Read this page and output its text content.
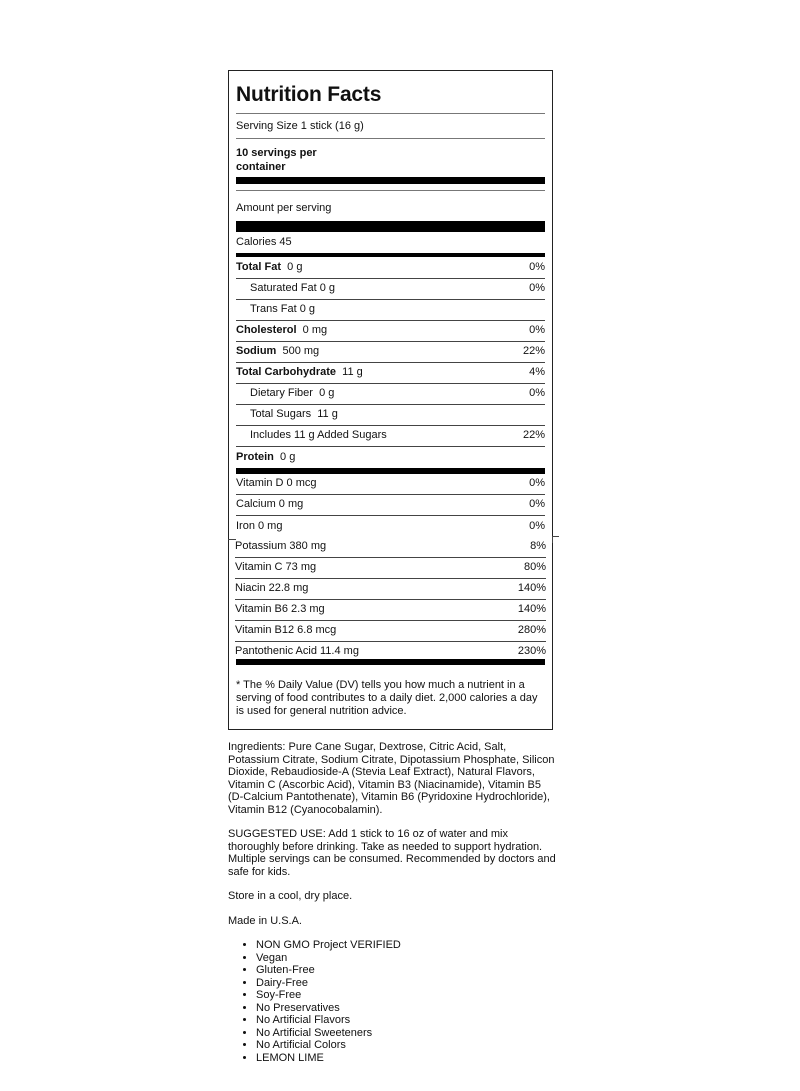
Nutrition Facts
Serving Size 1 stick (16 g)
10 servings per
container
Amount per serving
Calories 45
Total Fat 0 g	0%
Saturated Fat 0 g	0%
Trans Fat 0 g
Cholesterol 0 mg	0%
Sodium 500 mg	22%
Total Carbohydrate 11 g	4%
Dietary Fiber  0 g	0%
Total Sugars  11 g
Includes 11 g Added Sugars	22%
Protein 0 g
Vitamin D 0 mcg	0%
Calcium 0 mg	0%
Iron 0 mg	0%
* The % Daily Value (DV) tells you how much a nutrient in a serving of food contributes to a daily diet. 2,000 calories a day is used for general nutrition advice.
Potassium 380 mg	8%
Vitamin C 73 mg	80%
Niacin 22.8 mg	140%
Vitamin B6 2.3 mg	140%
Vitamin B12 6.8 mcg	280%
Pantothenic Acid 11.4 mg	230%

Ingredients: Pure Cane Sugar, Dextrose, Citric Acid, Salt, Potassium Citrate, Sodium Citrate, Dipotassium Phosphate, Silicon Dioxide, Rebaudioside-A (Stevia Leaf Extract), Natural Flavors, Vitamin C (Ascorbic Acid), Vitamin B3 (Niacinamide), Vitamin B5 (D-Calcium Pantothenate), Vitamin B6 (Pyridoxine Hydrochloride), Vitamin B12 (Cyanocobalamin).

SUGGESTED USE: Add 1 stick to 16 oz of water and mix thoroughly before drinking. Take as needed to support hydration. Multiple servings can be consumed. Recommended by doctors and safe for kids.

Store in a cool, dry place.

Made in U.S.A.

• NON GMO Project VERIFIED
• Vegan
• Gluten-Free
• Dairy-Free
• Soy-Free
• No Preservatives
• No Artificial Flavors
• No Artificial Sweeteners
• No Artificial Colors
• LEMON LIME
